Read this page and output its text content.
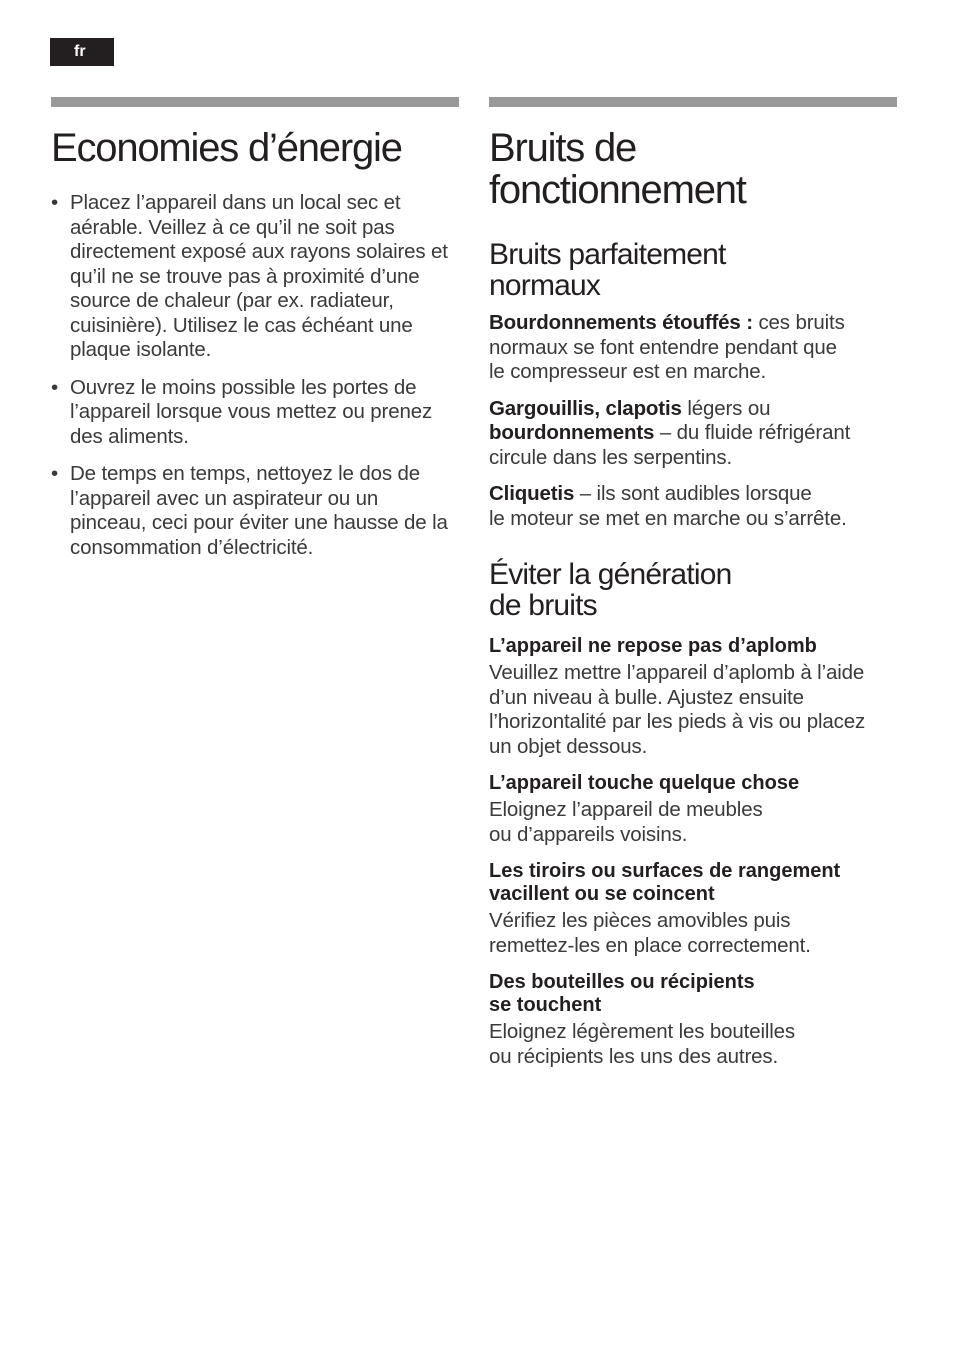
fr
Economies d’énergie
• Placez l’appareil dans un local sec et aérable. Veillez à ce qu’il ne soit pas directement exposé aux rayons solaires et qu’il ne se trouve pas à proximité d’une source de chaleur (par ex. radiateur, cuisinière). Utilisez le cas échéant une plaque isolante.
• Ouvrez le moins possible les portes de l’appareil lorsque vous mettez ou prenez des aliments.
• De temps en temps, nettoyez le dos de l’appareil avec un aspirateur ou un pinceau, ceci pour éviter une hausse de la consommation d’électricité.
Bruits de
fonctionnement
Bruits parfaitement
normaux
Bourdonnements étouffés : ces bruits
normaux se font entendre pendant que
le compresseur est en marche.
Gargouillis, clapotis légers ou
bourdonnements – du fluide réfrigérant
circule dans les serpentins.
Cliquetis – ils sont audibles lorsque
le moteur se met en marche ou s’arrête.
Éviter la génération
de bruits

L’appareil ne repose pas d’aplomb

Veuillez mettre l’appareil d’aplomb à l’aide
d’un niveau à bulle. Ajustez ensuite
l’horizontalité par les pieds à vis ou placez
un objet dessous.

L’appareil touche quelque chose

Eloignez l’appareil de meubles
ou d’appareils voisins.

Les tiroirs ou surfaces de rangement
vacillent ou se coincent

Vérifiez les pièces amovibles puis
remettez-les en place correctement.

Des bouteilles ou récipients
se touchent

Eloignez légèrement les bouteilles
ou récipients les uns des autres.
